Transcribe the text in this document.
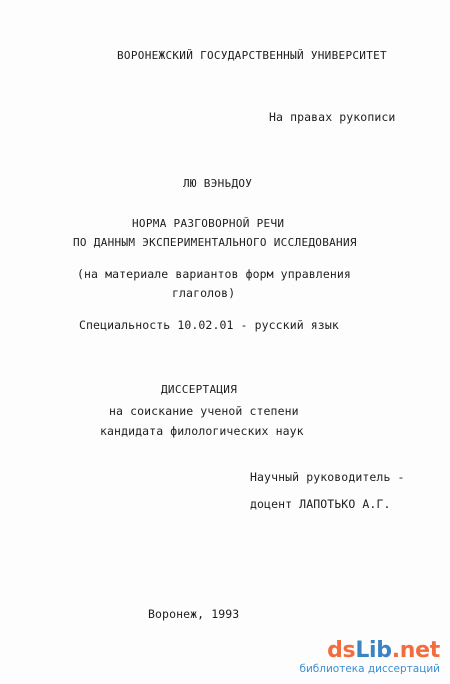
ВОРОНЕЖСКИЙ ГОСУДАРСТВЕННЫЙ УНИВЕРСИТЕТ
На правах рукописи
ЛЮ ВЭНЬДОУ
НОРМА РАЗГОВОРНОЙ РЕЧИ
ПО ДАННЫМ ЭКСПЕРИМЕНТАЛЬНОГО ИССЛЕДОВАНИЯ
(на материале вариантов форм управления
глаголов)
Специальность 10.02.01 - русский язык
ДИССЕРТАЦИЯ
на соискание ученой степени
кандидата филологических наук
Научный руководитель -
доцент ЛАПОТЬКО А.Г.
Воронеж, 1993
dsLib.net
библиотека диссертаций
